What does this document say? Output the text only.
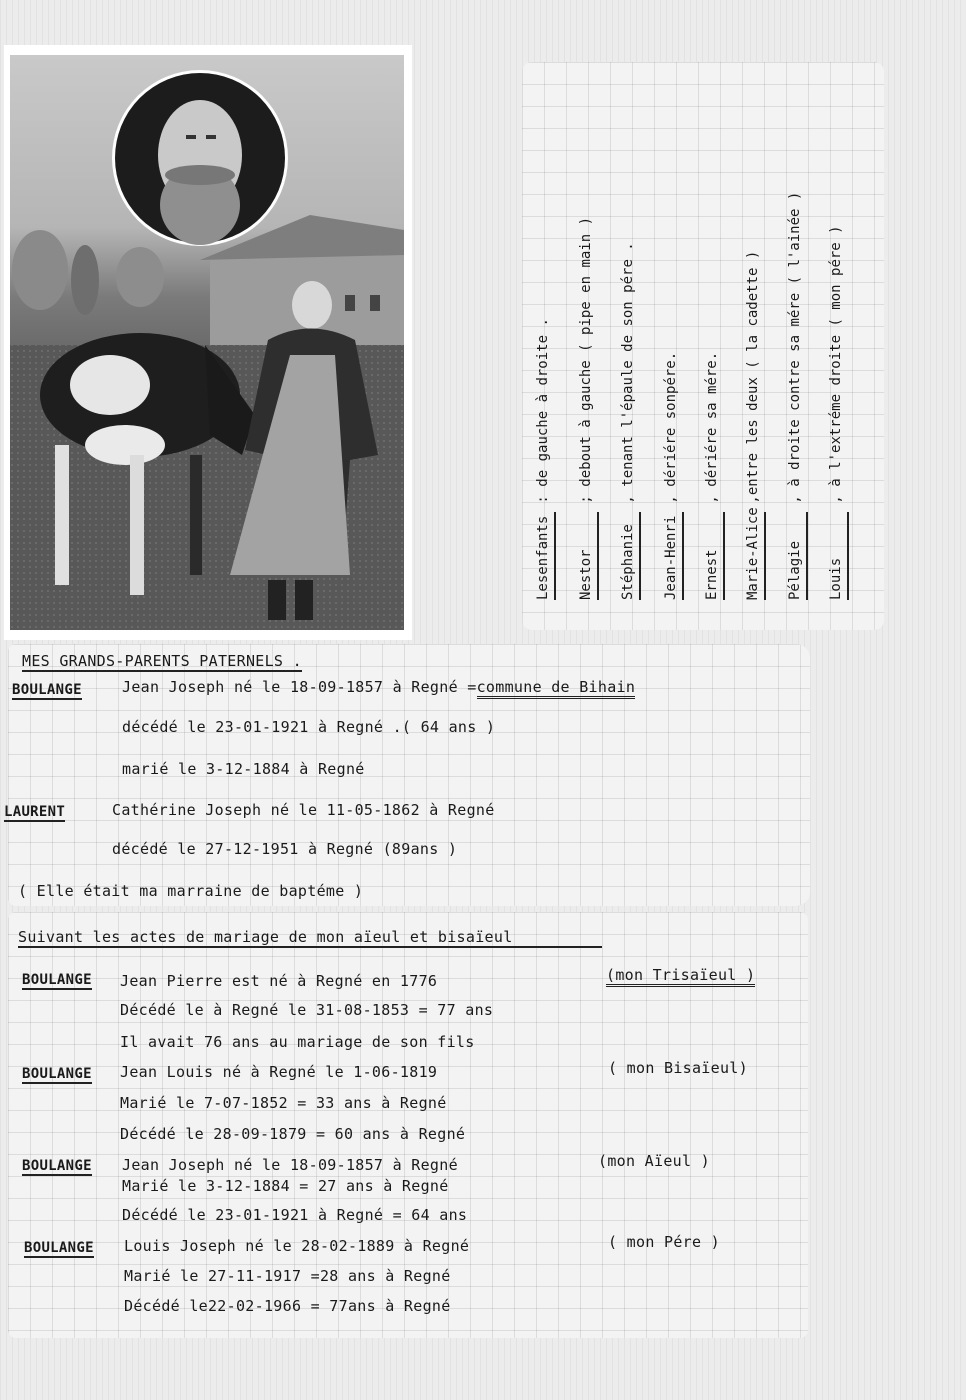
Lesenfants : de gauche à droite .
Nestor ; debout à gauche ( pipe en main )
Stéphanie , tenant l'épaule de son pére .
Jean-Henri , dériére sonpére.
Ernest , dériére sa mére.
Marie-Alice ,entre les deux ( la cadette )
Pélagie , à droite contre sa mére ( l'ainée )
Louis , à l'extréme droite ( mon pére )
MES GRANDS-PARENTS PATERNELS .
BOULANGE	Jean Joseph né le 18-09-1857 à Regné =commune de Bihain
décédé le 23-01-1921 à Regné .( 64 ans )
marié le 3-12-1884 à Regné
LAURENT	Cathérine Joseph né le 11-05-1862 à Regné
décédé le 27-12-1951 à Regné (89ans )
( Elle était ma marraine de baptéme )
Suivant les actes de mariage de mon aïeul et bisaïeul
BOULANGE Jean Pierre est né à Regné en 1776
Décédé le à Regné le 31-08-1853 = 77 ans
Il avait 76 ans au mariage de son fils
(mon Trisaïeul )
BOULANGE Jean Louis né à Regné le 1-06-1819
Marié le 7-07-1852 = 33 ans à Regné
Décédé le 28-09-1879 = 60 ans à Regné
( mon Bisaïeul)
BOULANGE Jean Joseph né le 18-09-1857 à Regné
Marié le 3-12-1884 = 27 ans à Regné
Décédé le 23-01-1921 à Regné = 64 ans
(mon Aïeul )
BOULANGE Louis Joseph né le 28-02-1889 à Regné
Marié le 27-11-1917 =28 ans à Regné
Décédé le22-02-1966 = 77ans à Regné
( mon Pére )
